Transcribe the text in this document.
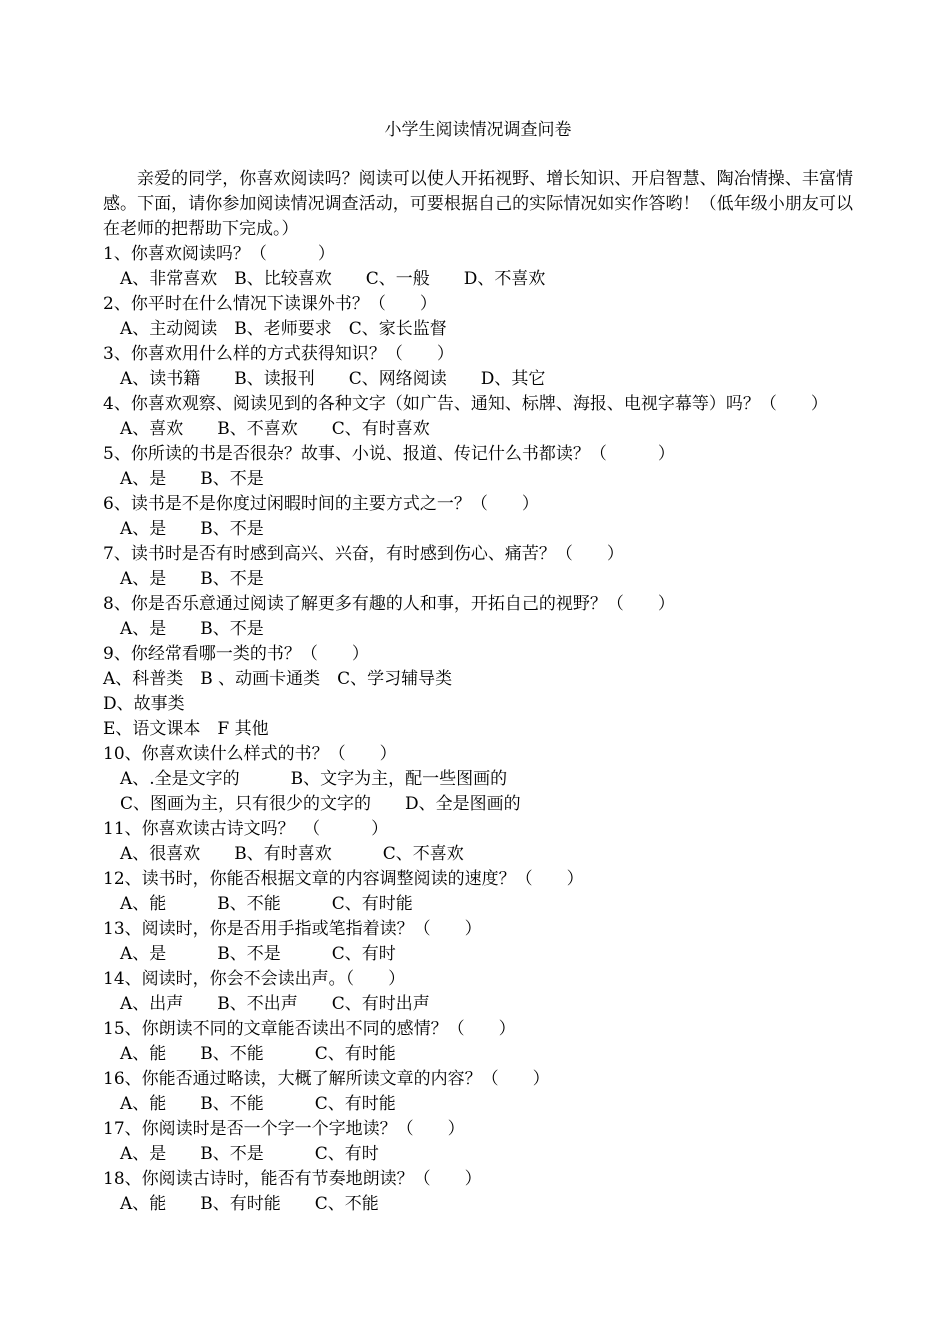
小学生阅读情况调查问卷

亲爱的同学，你喜欢阅读吗？阅读可以使人开拓视野、增长知识、开启智慧、陶冶情操、丰富情感。下面，请你参加阅读情况调查活动，可要根据自己的实际情况如实作答哟！（低年级小朋友可以在老师的把帮助下完成。）

1、你喜欢阅读吗？（　　　）
A、非常喜欢　B、比较喜欢　　C、一般　　D、不喜欢
2、你平时在什么情况下读课外书？（　　）
A、主动阅读　B、老师要求　C、家长监督
3、你喜欢用什么样的方式获得知识？（　　）
A、读书籍　　B、读报刊　　C、网络阅读　　D、其它
4、你喜欢观察、阅读见到的各种文字（如广告、通知、标牌、海报、电视字幕等）吗？（　　）
A、喜欢　　B、不喜欢　　C、有时喜欢
5、你所读的书是否很杂？故事、小说、报道、传记什么书都读？（　　　）
A、是　　B、不是
6、读书是不是你度过闲暇时间的主要方式之一？（　　）
A、是　　B、不是
7、读书时是否有时感到高兴、兴奋，有时感到伤心、痛苦？（　　）
A、是　　B、不是
8、你是否乐意通过阅读了解更多有趣的人和事，开拓自己的视野？（　　）
A、是　　B、不是
9、你经常看哪一类的书？（　　）
A、科普类　B 、动画卡通类　C、学习辅导类
D、故事类
E、语文课本　F 其他
10、你喜欢读什么样式的书？（　　）
A、.全是文字的　　　B、文字为主，配一些图画的
C、图画为主，只有很少的文字的　　D、全是图画的
11、你喜欢读古诗文吗？　（　　　）
A、很喜欢　　B、有时喜欢　　　C、不喜欢
12、读书时，你能否根据文章的内容调整阅读的速度？（　　）
A、能　　　B、不能　　　C、有时能
13、阅读时，你是否用手指或笔指着读？（　　）
A、是　　　B、不是　　　C、有时
14、阅读时，你会不会读出声。（　　）
A、出声　　B、不出声　　C、有时出声
15、你朗读不同的文章能否读出不同的感情？（　　）
A、能　　B、不能　　　C、有时能
16、你能否通过略读，大概了解所读文章的内容？（　　）
A、能　　B、不能　　　C、有时能
17、你阅读时是否一个字一个字地读？（　　）
A、是　　B、不是　　　C、有时
18、你阅读古诗时，能否有节奏地朗读？（　　）
A、能　　B、有时能　　C、不能
